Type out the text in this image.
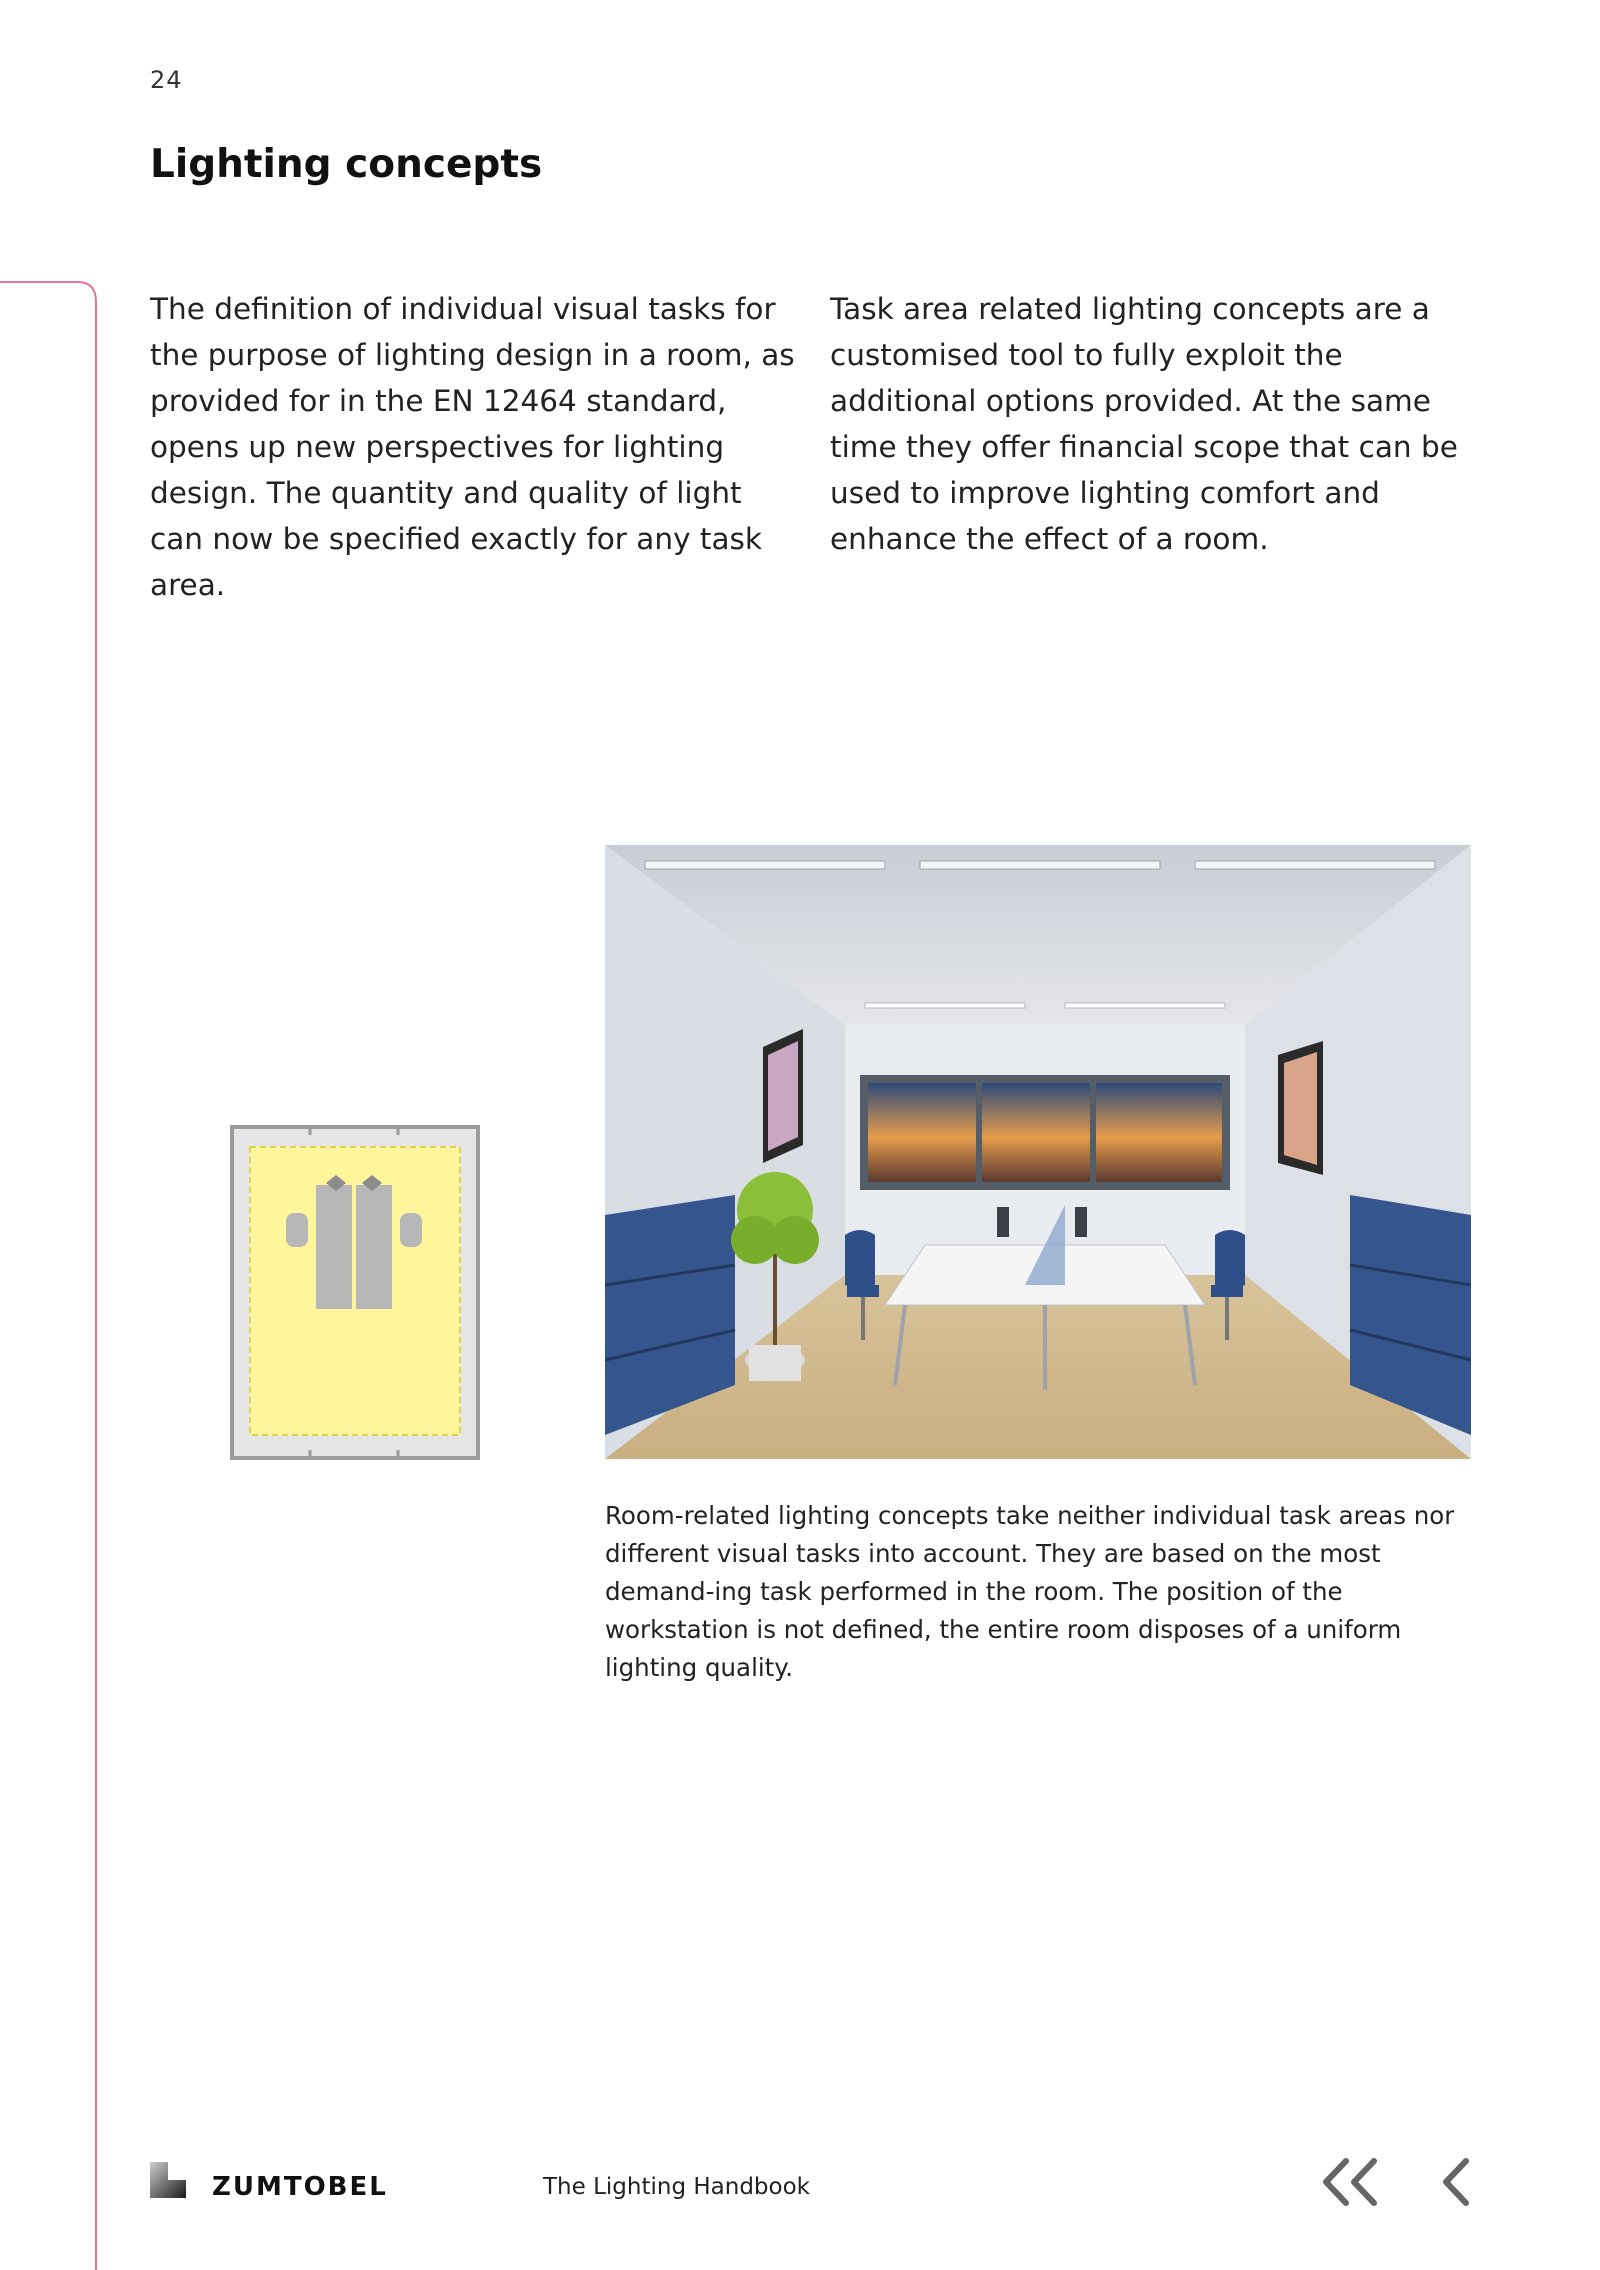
24
Lighting concepts

The definition of individual visual tasks for the purpose of lighting design in a room, as provided for in the EN 12464 standard, opens up new perspectives for lighting design. The quantity and quality of light can now be specified exactly for any task area.

Task area related lighting concepts are a customised tool to fully exploit the additional options provided. At the same time they offer financial scope that can be used to improve lighting comfort and enhance the effect of a room.

Room-related lighting concepts take neither individual task areas nor different visual tasks into account. They are based on the most demand-ing task performed in the room. The position of the workstation is not defined, the entire room disposes of a uniform lighting quality.

ZUMTOBEL	The Lighting Handbook
